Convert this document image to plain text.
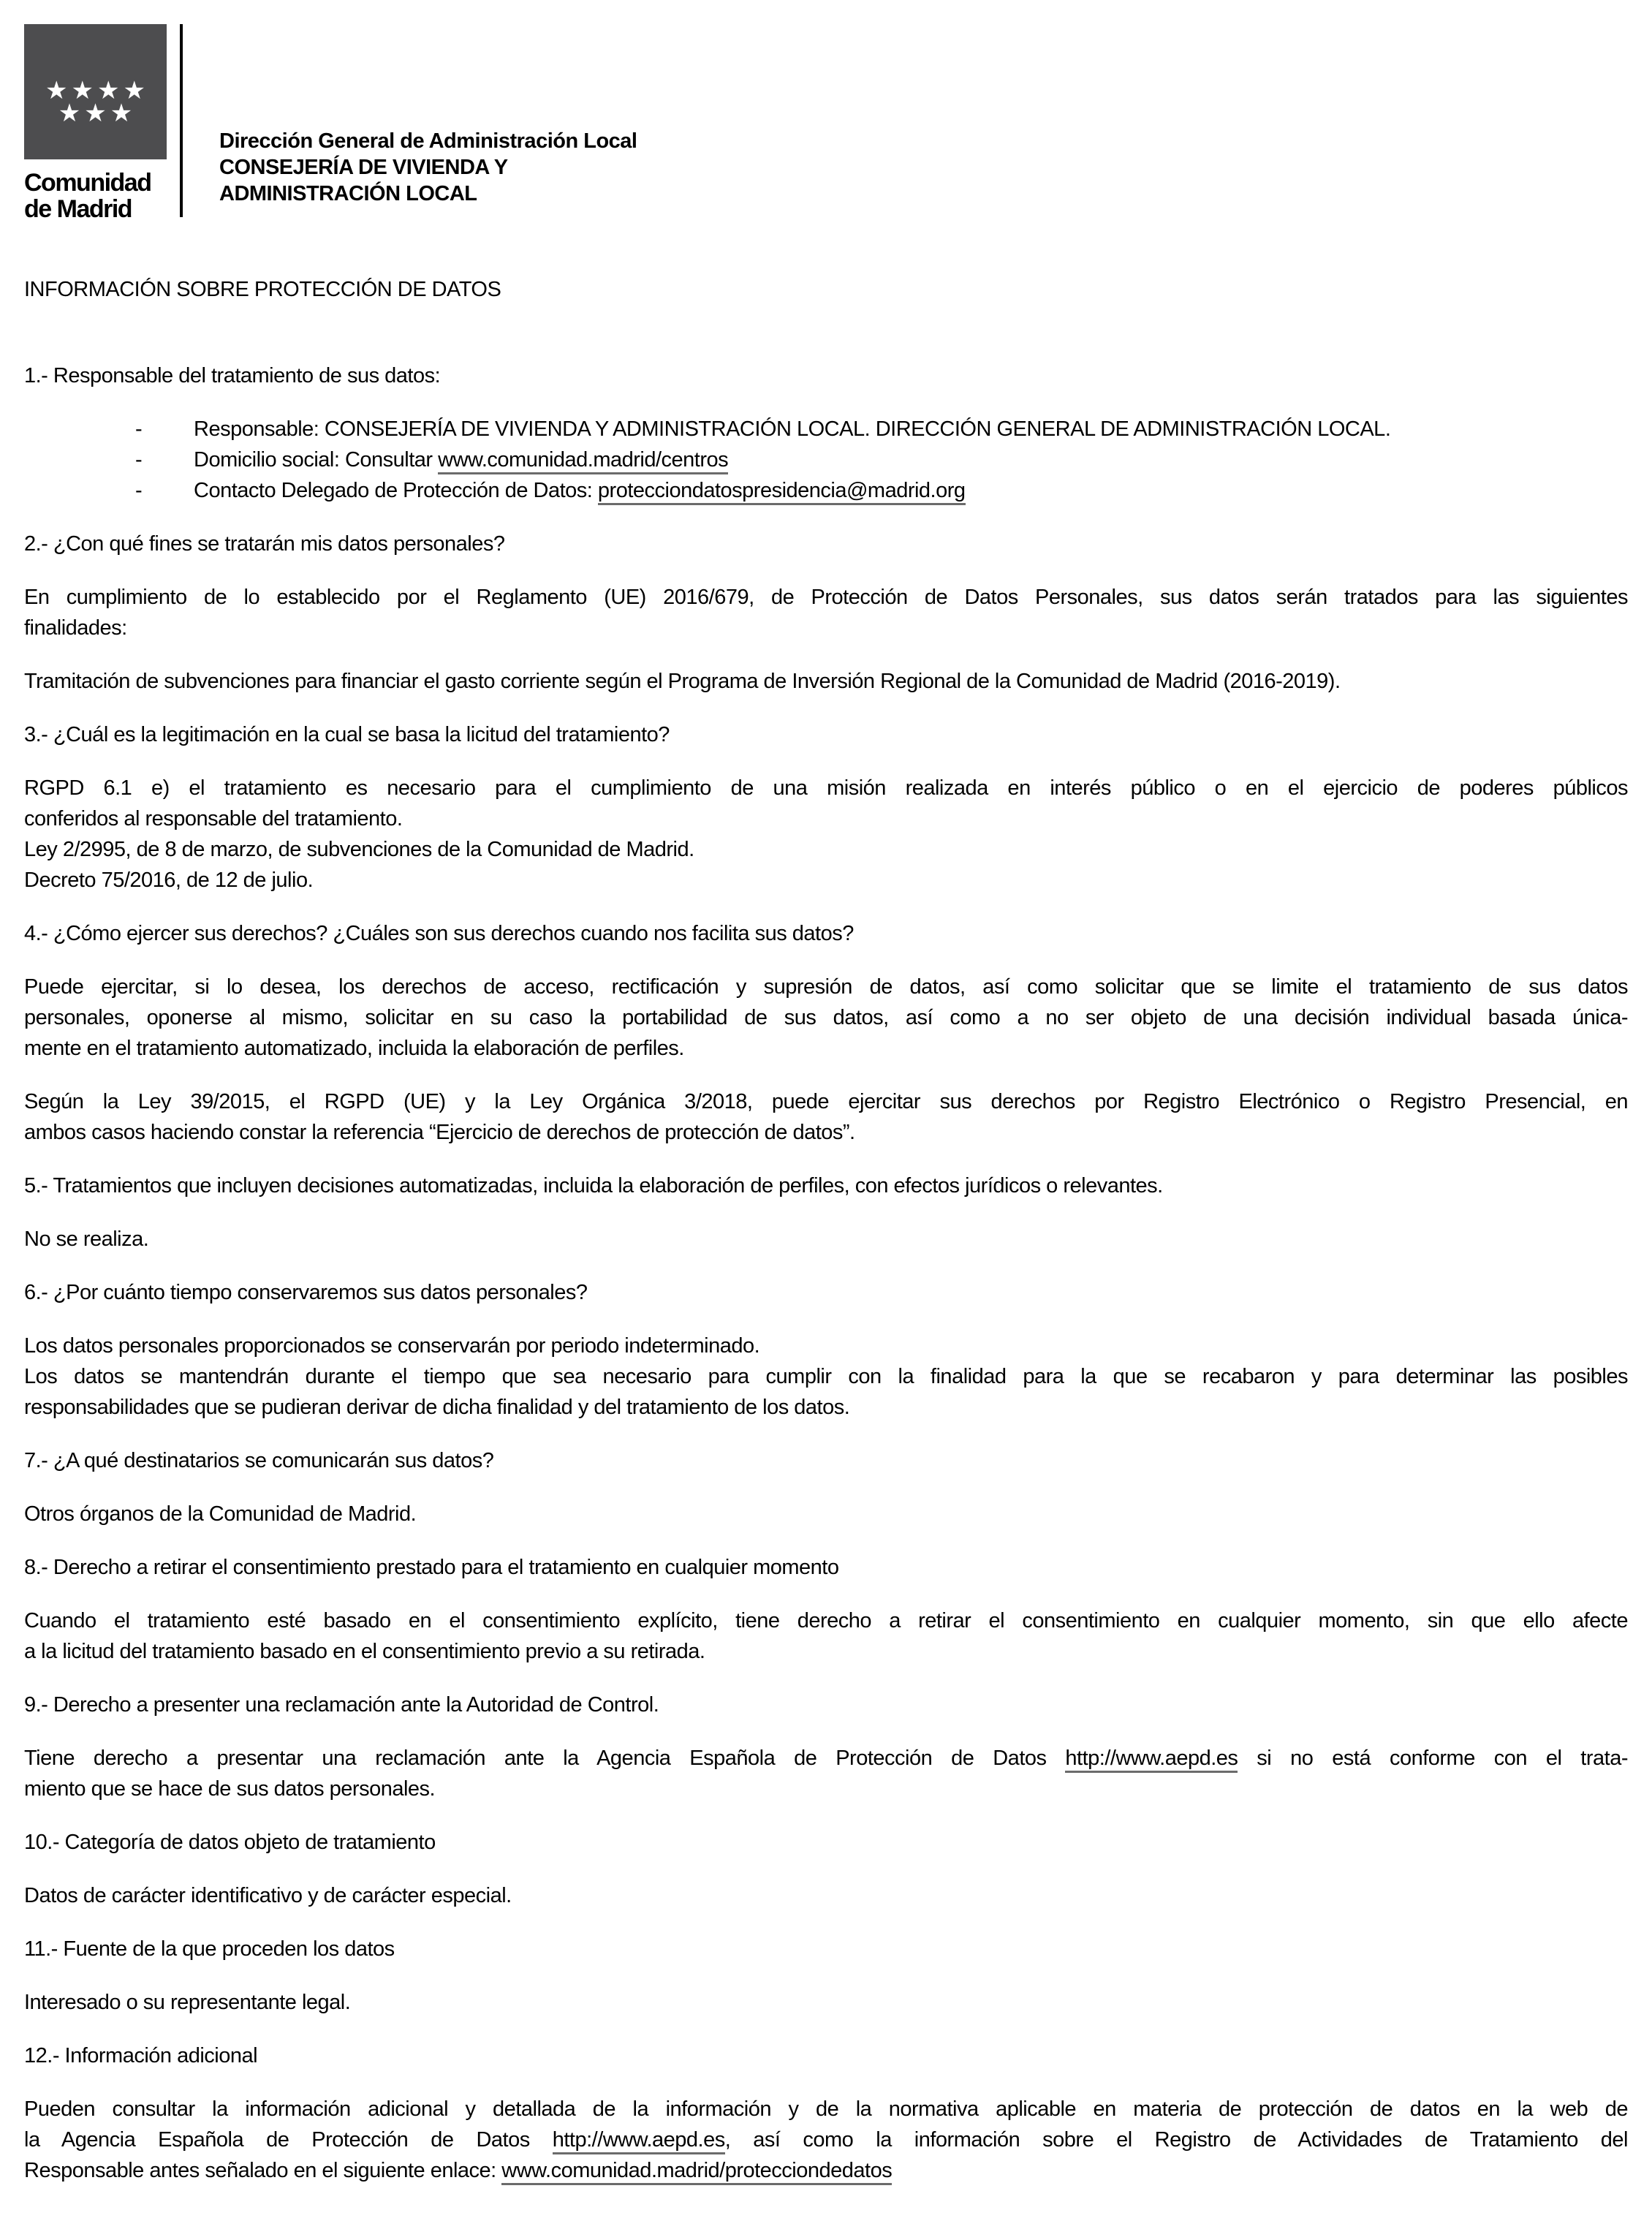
★★★★
★★★
Comunidad
de Madrid
Dirección General de Administración Local
CONSEJERÍA DE VIVIENDA Y
ADMINISTRACIÓN LOCAL
INFORMACIÓN SOBRE PROTECCIÓN DE DATOS
1.- Responsable del tratamiento de sus datos:
-	Responsable: CONSEJERÍA DE VIVIENDA Y ADMINISTRACIÓN LOCAL. DIRECCIÓN GENERAL DE ADMINISTRACIÓN LOCAL.
-	Domicilio social: Consultar www.comunidad.madrid/centros
-	Contacto Delegado de Protección de Datos: protecciondatospresidencia@madrid.org
2.- ¿Con qué fines se tratarán mis datos personales?
En cumplimiento de lo establecido por el Reglamento (UE) 2016/679, de Protección de Datos Personales, sus datos serán tratados para las siguientes
finalidades:
Tramitación de subvenciones para financiar el gasto corriente según el Programa de Inversión Regional de la Comunidad de Madrid (2016-2019).
3.- ¿Cuál es la legitimación en la cual se basa la licitud del tratamiento?
RGPD 6.1 e) el tratamiento es necesario para el cumplimiento de una misión realizada en interés público o en el ejercicio de poderes públicos
conferidos al responsable del tratamiento.
Ley 2/2995, de 8 de marzo, de subvenciones de la Comunidad de Madrid.
Decreto 75/2016, de 12 de julio.
4.- ¿Cómo ejercer sus derechos? ¿Cuáles son sus derechos cuando nos facilita sus datos?
Puede ejercitar, si lo desea, los derechos de acceso, rectificación y supresión de datos, así como solicitar que se limite el tratamiento de sus datos
personales, oponerse al mismo, solicitar en su caso la portabilidad de sus datos, así como a no ser objeto de una decisión individual basada única-
mente en el tratamiento automatizado, incluida la elaboración de perfiles.
Según la Ley 39/2015, el RGPD (UE) y la Ley Orgánica 3/2018, puede ejercitar sus derechos por Registro Electrónico o Registro Presencial, en
ambos casos haciendo constar la referencia “Ejercicio de derechos de protección de datos”.
5.- Tratamientos que incluyen decisiones automatizadas, incluida la elaboración de perfiles, con efectos jurídicos o relevantes.
No se realiza.
6.- ¿Por cuánto tiempo conservaremos sus datos personales?
Los datos personales proporcionados se conservarán por periodo indeterminado.
Los datos se mantendrán durante el tiempo que sea necesario para cumplir con la finalidad para la que se recabaron y para determinar las posibles
responsabilidades que se pudieran derivar de dicha finalidad y del tratamiento de los datos.
7.- ¿A qué destinatarios se comunicarán sus datos?
Otros órganos de la Comunidad de Madrid.
8.- Derecho a retirar el consentimiento prestado para el tratamiento en cualquier momento
Cuando el tratamiento esté basado en el consentimiento explícito, tiene derecho a retirar el consentimiento en cualquier momento, sin que ello afecte
a la licitud del tratamiento basado en el consentimiento previo a su retirada.
9.- Derecho a presenter una reclamación ante la Autoridad de Control.
Tiene derecho a presentar una reclamación ante la Agencia Española de Protección de Datos http://www.aepd.es si no está conforme con el trata-
miento que se hace de sus datos personales.
10.- Categoría de datos objeto de tratamiento
Datos de carácter identificativo y de carácter especial.
11.- Fuente de la que proceden los datos
Interesado o su representante legal.
12.- Información adicional
Pueden consultar la información adicional y detallada de la información y de la normativa aplicable en materia de protección de datos en la web de
la Agencia Española de Protección de Datos http://www.aepd.es, así como la información sobre el Registro de Actividades de Tratamiento del
Responsable antes señalado en el siguiente enlace: www.comunidad.madrid/protecciondedatos
